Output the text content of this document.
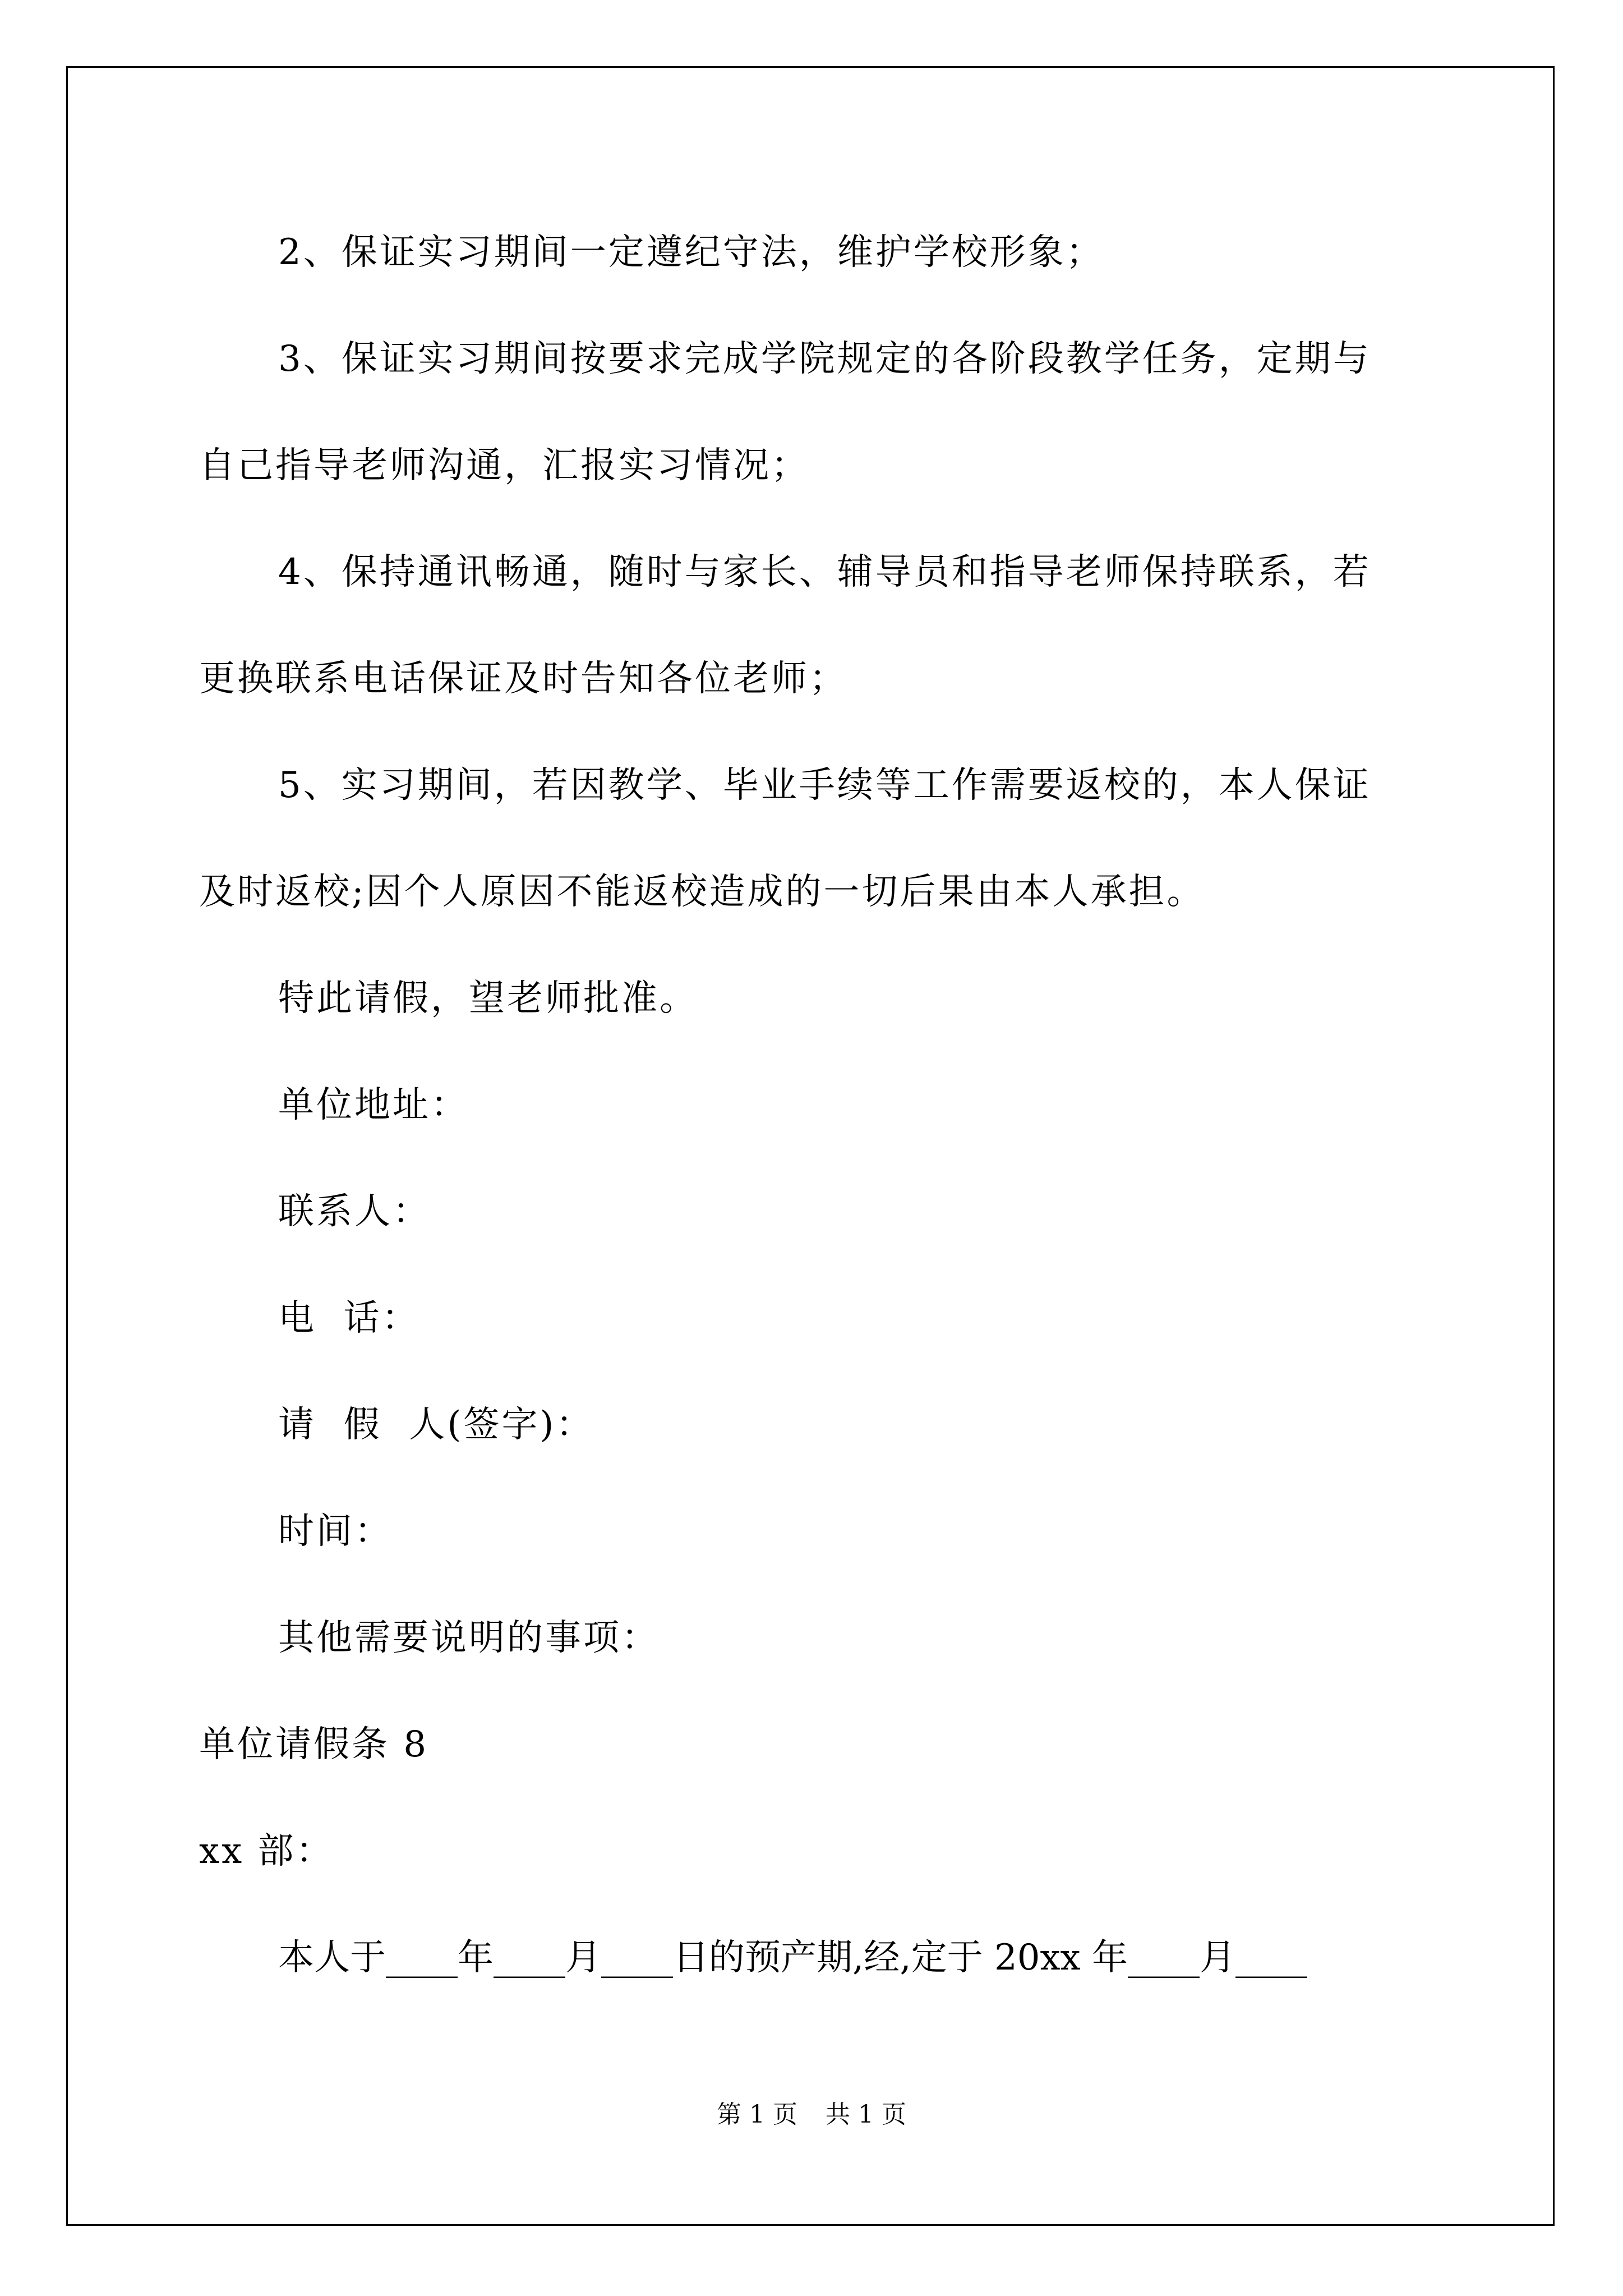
2、保证实习期间一定遵纪守法，维护学校形象；
3、保证实习期间按要求完成学院规定的各阶段教学任务，定期与
自己指导老师沟通，汇报实习情况；
4、保持通讯畅通，随时与家长、辅导员和指导老师保持联系，若
更换联系电话保证及时告知各位老师；
5、实习期间，若因教学、毕业手续等工作需要返校的，本人保证
及时返校;因个人原因不能返校造成的一切后果由本人承担。
特此请假，望老师批准。
单位地址：
联系人：
电  话：
请  假  人(签字)：
时间：
其他需要说明的事项：
单位请假条 8
xx 部：
本人于____年____月____日的预产期,经,定于 20xx 年____月____
第 1 页 共 1 页
